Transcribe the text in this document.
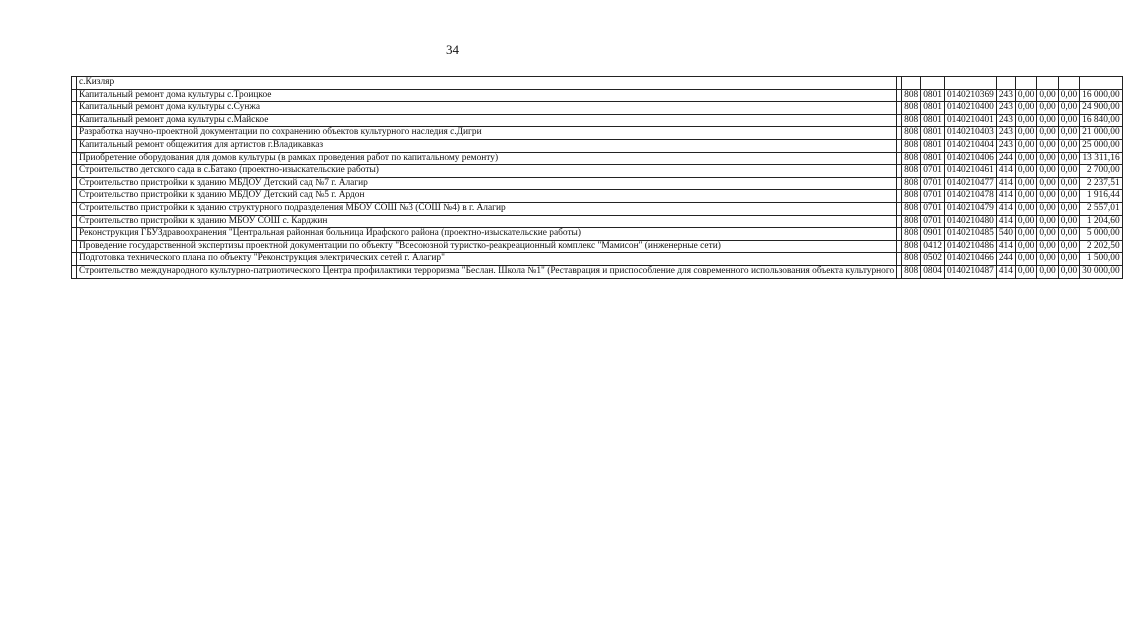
34
	с.Кизляр									
	Капитальный ремонт дома культуры с.Троицкое		808	0801	0140210369	243	0,00	0,00	0,00	16 000,00
	Капитальный ремонт дома культуры с.Сунжа		808	0801	0140210400	243	0,00	0,00	0,00	24 900,00
	Капитальный ремонт дома культуры с.Майское		808	0801	0140210401	243	0,00	0,00	0,00	16 840,00
	Разработка научно-проектной документации по сохранению объектов культурного наследия с.Дигри		808	0801	0140210403	243	0,00	0,00	0,00	21 000,00
	Капитальный ремонт общежития для артистов г.Владикавказ		808	0801	0140210404	243	0,00	0,00	0,00	25 000,00
	Приобретение оборудования для домов культуры (в рамках проведения работ по капитальному ремонту)		808	0801	0140210406	244	0,00	0,00	0,00	13 311,16
	Строительство детского сада в с.Батако (проектно-изыскательские работы)		808	0701	0140210461	414	0,00	0,00	0,00	2 700,00
	Строительство пристройки к зданию МБДОУ Детский сад №7 г. Алагир		808	0701	0140210477	414	0,00	0,00	0,00	2 237,51
	Строительство пристройки к зданию МБДОУ Детский сад №5 г. Ардон		808	0701	0140210478	414	0,00	0,00	0,00	1 916,44
	Строительство пристройки к зданию структурного подразделения МБОУ СОШ №3 (СОШ №4) в г. Алагир		808	0701	0140210479	414	0,00	0,00	0,00	2 557,01
	Строительство пристройки к зданию МБОУ СОШ с. Карджин		808	0701	0140210480	414	0,00	0,00	0,00	1 204,60
	Реконструкция ГБУЗдравоохранения "Центральная районная больница Ирафского района (проектно-изыскательские работы)		808	0901	0140210485	540	0,00	0,00	0,00	5 000,00
	Проведение государственной экспертизы проектной документации по объекту "Всесоюзной туристко-реакреационный комплекс "Мамисон" (инженерные сети)		808	0412	0140210486	414	0,00	0,00	0,00	2 202,50
	Подготовка технического плана по объекту "Реконструкция электрических сетей г. Алагир"		808	0502	0140210466	244	0,00	0,00	0,00	1 500,00
	Строительство международного культурно-патриотического Центра профилактики терроризма "Беслан. Школа №1" (Реставрация и приспособление для современного использования объекта культурного		808	0804	0140210487	414	0,00	0,00	0,00	30 000,00
